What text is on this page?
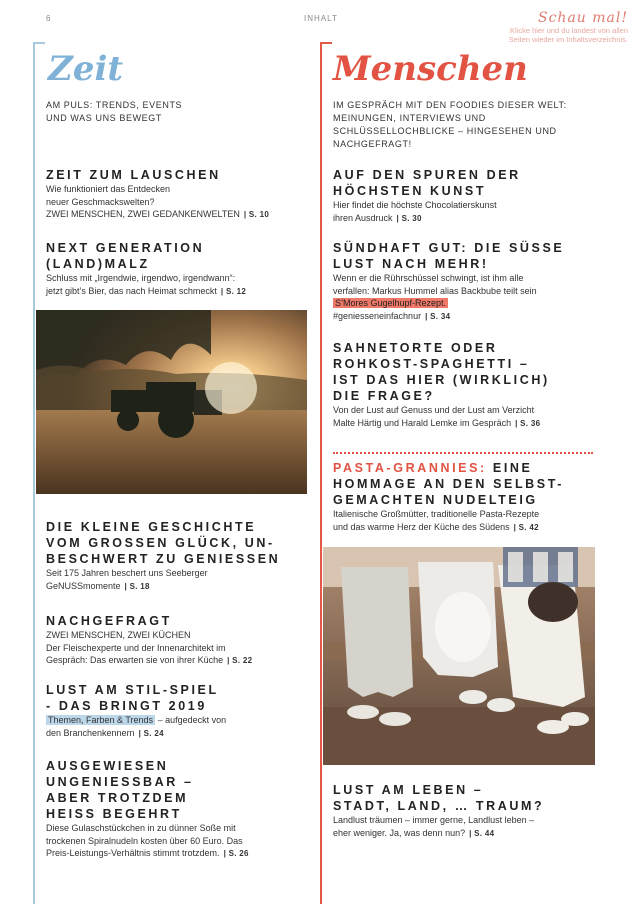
6	INHALT	Schau mal!
Klicke hier und du landest von allen
Seiten wieder im Inhaltsverzeichnis.
Zeit
AM PULS: TRENDS, EVENTS
UND WAS UNS BEWEGT
ZEIT ZUM LAUSCHEN
Wie funktioniert das Entdecken
neuer Geschmackswelten?
ZWEI MENSCHEN, ZWEI GEDANKENWELTEN | S. 10
NEXT GENERATION
(LAND)MALZ
Schluss mit „Irgendwie, irgendwo, irgendwann“:
jetzt gibt’s Bier, das nach Heimat schmeckt | S. 12
DIE KLEINE GESCHICHTE
VOM GROSSEN GLÜCK, UN-
BESCHWERT ZU GENIESSEN
Seit 175 Jahren beschert uns Seeberger
GeNUSSmomente | S. 18
NACHGEFRAGT
ZWEI MENSCHEN, ZWEI KÜCHEN
Der Fleischexperte und der Innenarchitekt im
Gespräch: Das erwarten sie von ihrer Küche | S. 22
LUST AM STIL-SPIEL
- DAS BRINGT 2019
Themen, Farben & Trends – aufgedeckt von
den Branchenkennern | S. 24
AUSGEWIESEN
UNGENIESSBAR –
ABER TROTZDEM
HEISS BEGEHRT
Diese Gulaschstückchen in zu dünner Soße mit
trockenen Spiralnudeln kosten über 60 Euro. Das
Preis-Leistungs-Verhältnis stimmt trotzdem. | S. 26
Menschen
IM GESPRÄCH MIT DEN FOODIES DIESER WELT:
MEINUNGEN, INTERVIEWS UND
SCHLÜSSELLOCHBLICKE – HINGESEHEN UND
NACHGEFRAGT!
AUF DEN SPUREN DER
HÖCHSTEN KUNST
Hier findet die höchste Chocolatierskunst
ihren Ausdruck | S. 30
SÜNDHAFT GUT: DIE SÜSSE
LUST NACH MEHR!
Wenn er die Rührschüssel schwingt, ist ihm alle
verfallen: Markus Hummel alias Backbube teilt sein
S’Mores Gugelhupf-Rezept.
#geniesseneinfachnur | S. 34
SAHNETORTE ODER
ROHKOST-SPAGHETTI –
IST DAS HIER (WIRKLICH)
DIE FRAGE?
Von der Lust auf Genuss und der Lust am Verzicht
Malte Härtig und Harald Lemke im Gespräch | S. 36
PASTA-GRANNIES: EINE
HOMMAGE AN DEN SELBST-
GEMACHTEN NUDELTEIG
Italienische Großmütter, traditionelle Pasta-Rezepte
und das warme Herz der Küche des Südens | S. 42
LUST AM LEBEN –
STADT, LAND, … TRAUM?
Landlust träumen – immer gerne, Landlust leben –
eher weniger. Ja, was denn nun? | S. 44
